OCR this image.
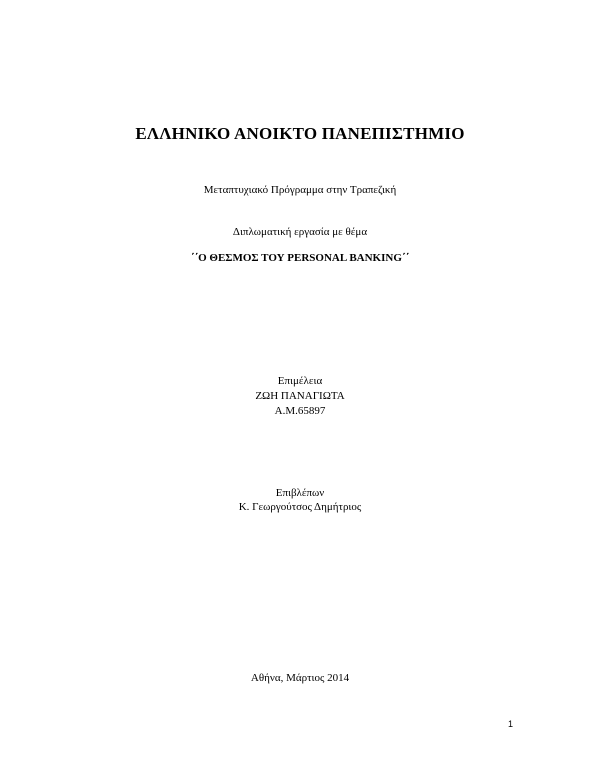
ΕΛΛΗΝΙΚΟ ΑΝΟΙΚΤΟ ΠΑΝΕΠΙΣΤΗΜΙΟ
Μεταπτυχιακό Πρόγραμμα στην Τραπεζική
Διπλωματική εργασία με θέμα
΄΄Ο ΘΕΣΜΟΣ ΤΟΥ PERSONAL BANKING΄΄
Επιμέλεια
ΖΩΗ ΠΑΝΑΓΙΩΤΑ
Α.Μ.65897
Επιβλέπων
Κ. Γεωργούτσος Δημήτριος
Αθήνα, Μάρτιος 2014
1
